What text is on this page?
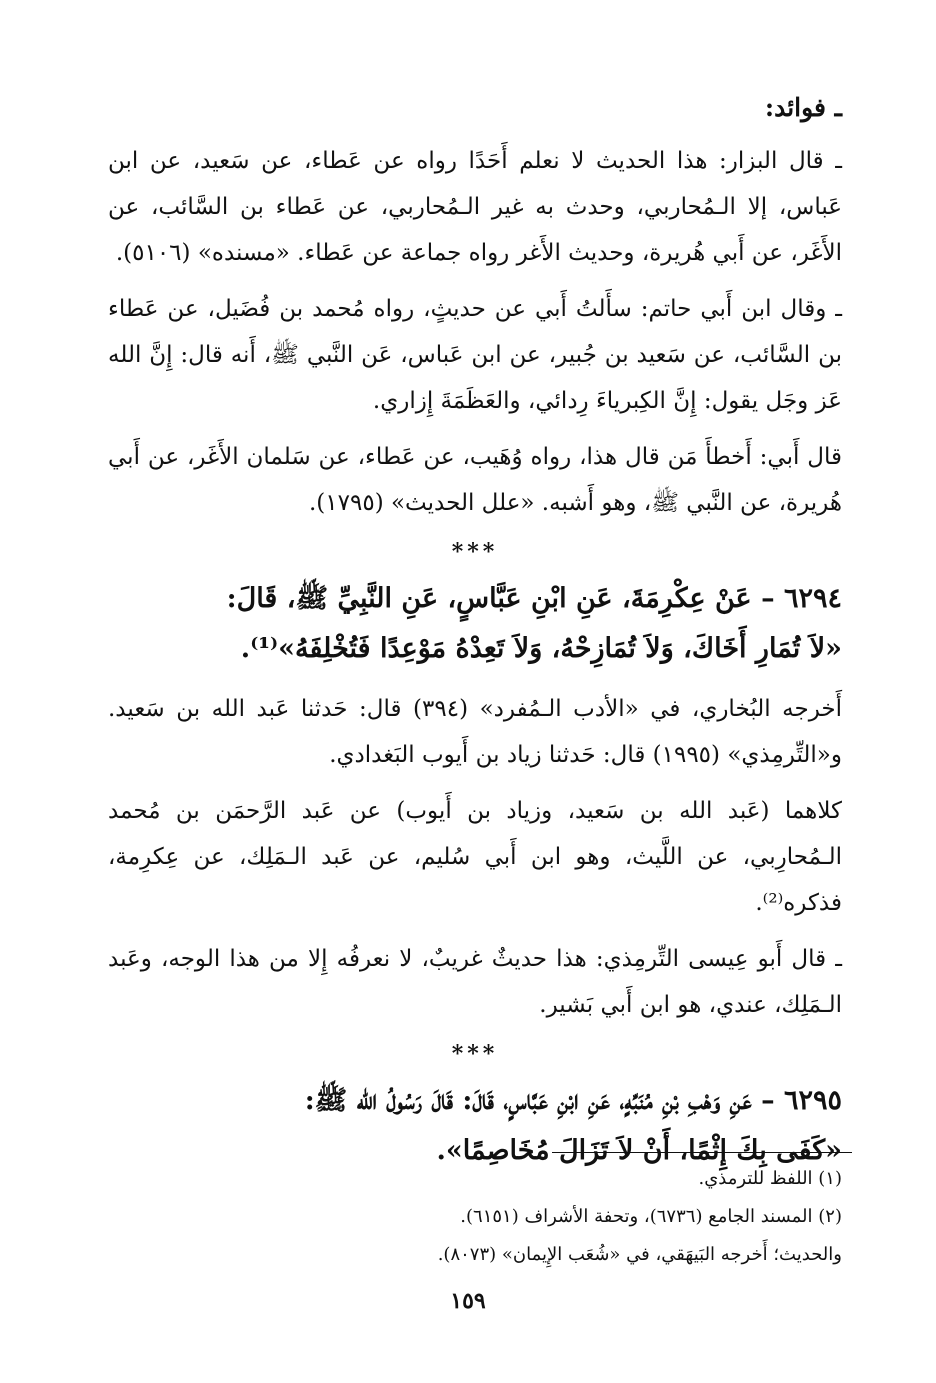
ـ فوائد:

ـ قال البزار: هذا الحديث لا نعلم أَحَدًا رواه عن عَطاء، عن سَعيد، عن ابن عَباس، إلا الـمُحاربي، وحدث به غير الـمُحاربي، عن عَطاء بن السَّائب، عن الأَغَر، عن أَبي هُريرة، وحديث الأَغر رواه جماعة عن عَطاء. «مسنده» (٥١٠٦).

ـ وقال ابن أَبي حاتم: سأَلتُ أَبي عن حديثٍ، رواه مُحمد بن فُضَيل، عن عَطاء بن السَّائب، عن سَعيد بن جُبير، عن ابن عَباس، عَن النَّبي ﷺ، أَنه قال: إِنَّ الله عَز وجَل يقول: إِنَّ الكِبرياءَ رِدائي، والعَظَمَةَ إِزاري.

قال أَبي: أَخطأَ مَن قال هذا، رواه وُهَيب، عن عَطاء، عن سَلمان الأَغَر، عن أَبي هُريرة، عن النَّبي ﷺ، وهو أَشبه. «علل الحديث» (١٧٩٥).

***
٦٢٩٤ – عَنْ عِكْرِمَةَ، عَنِ ابْنِ عَبَّاسٍ، عَنِ النَّبِيِّ ﷺ، قَالَ:
«لاَ تُمَارِ أَخَاكَ، وَلاَ تُمَازِحْهُ، وَلاَ تَعِدْهُ مَوْعِدًا فَتُخْلِفَهُ»⁽¹⁾.

أَخرجه البُخاري، في «الأدب الـمُفرد» (٣٩٤) قال: حَدثنا عَبد الله بن سَعيد. و«التِّرمِذي» (١٩٩٥) قال: حَدثنا زياد بن أَيوب البَغدادي.

كلاهما (عَبد الله بن سَعيد، وزياد بن أَيوب) عن عَبد الرَّحمَن بن مُحمد الـمُحارِبي، عن اللَّيث، وهو ابن أَبي سُليم، عن عَبد الـمَلِك، عن عِكرِمة، فذكره⁽²⁾.

ـ قال أَبو عِيسى التِّرمِذي: هذا حديثٌ غريبٌ، لا نعرفُه إِلا من هذا الوجه، وعَبد الـمَلِك، عندي، هو ابن أَبي بَشير.

***
٦٢٩٥ – عَنِ وَهْبِ بْنِ مُنَبِّهٍ، عَنِ ابْنِ عَبَّاسٍ، قَالَ: قَالَ رَسُولُ الله ﷺ:
«كَفَى بِكَ إِثْمًا، أَنْ لاَ تَزَالَ مُخَاصِمًا».

(١) اللفظ للترمذي.

(٢) المسند الجامع (٦٧٣٦)، وتحفة الأشراف (٦١٥١).

والحديث؛ أَخرجه البَيهَقي، في «شُعَب الإِيمان» (٨٠٧٣).

١٥٩
